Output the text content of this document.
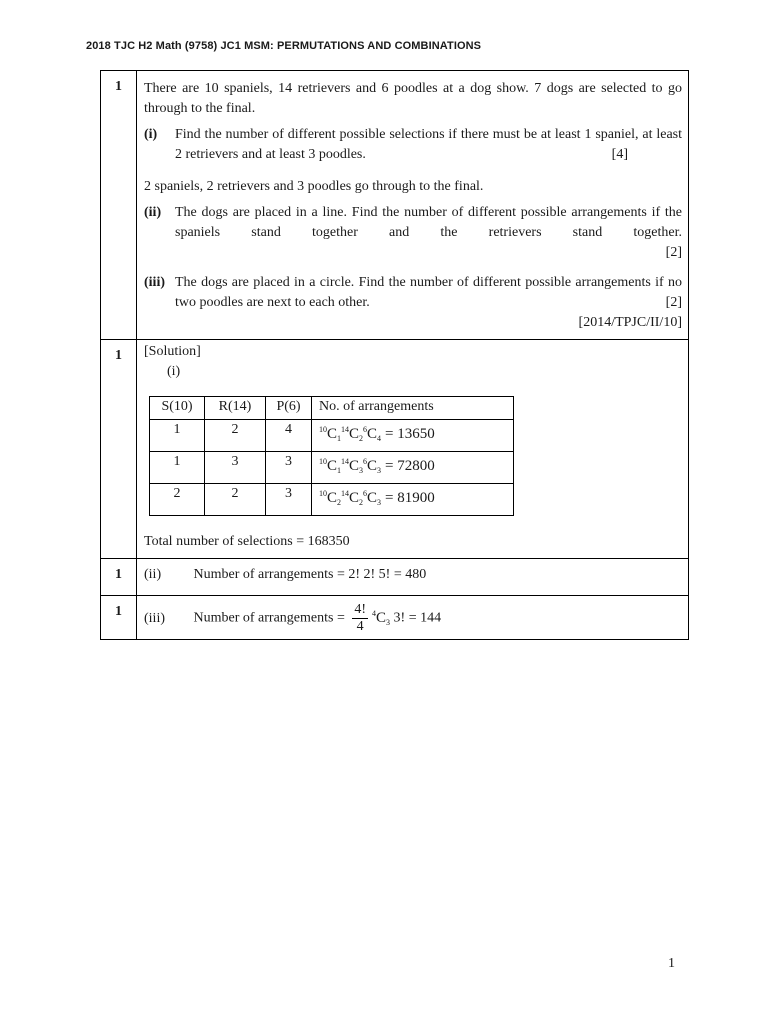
2018 TJC H2 Math (9758) JC1 MSM: PERMUTATIONS AND COMBINATIONS
1	There are 10 spaniels, 14 retrievers and 6 poodles at a dog show. 7 dogs are selected to go through to the final.
(i)	Find the number of different possible selections if there must be at least 1 spaniel, at least 2 retrievers and at least 3 poodles.	[4]
2 spaniels, 2 retrievers and 3 poodles go through to the final.
(ii) The dogs are placed in a line. Find the number of different possible arrangements if the spaniels stand together and the retrievers stand together.
[2]
(iii) The dogs are placed in a circle. Find the number of different possible arrangements if no two poodles are next to each other.	[2]
[2014/TPJC/II/10]
1	[Solution]
(i)
S(10)	R(14)	P(6)	No. of arrangements
1	2	4	$^{10}C_1^{14}C_2^6C_4 = 13650$
1	3	3	$^{10}C_1^{14}C_3^6C_3 = 72800$
2	2	3	$^{10}C_2^{14}C_2^6C_3 = 81900$
Total number of selections = 168350
1	(ii) Number of arrangements = 2! 2! 5! = 480
1	(iii) Number of arrangements = $\frac{4!}{4} ^4C_3$ 3! = 144
1
